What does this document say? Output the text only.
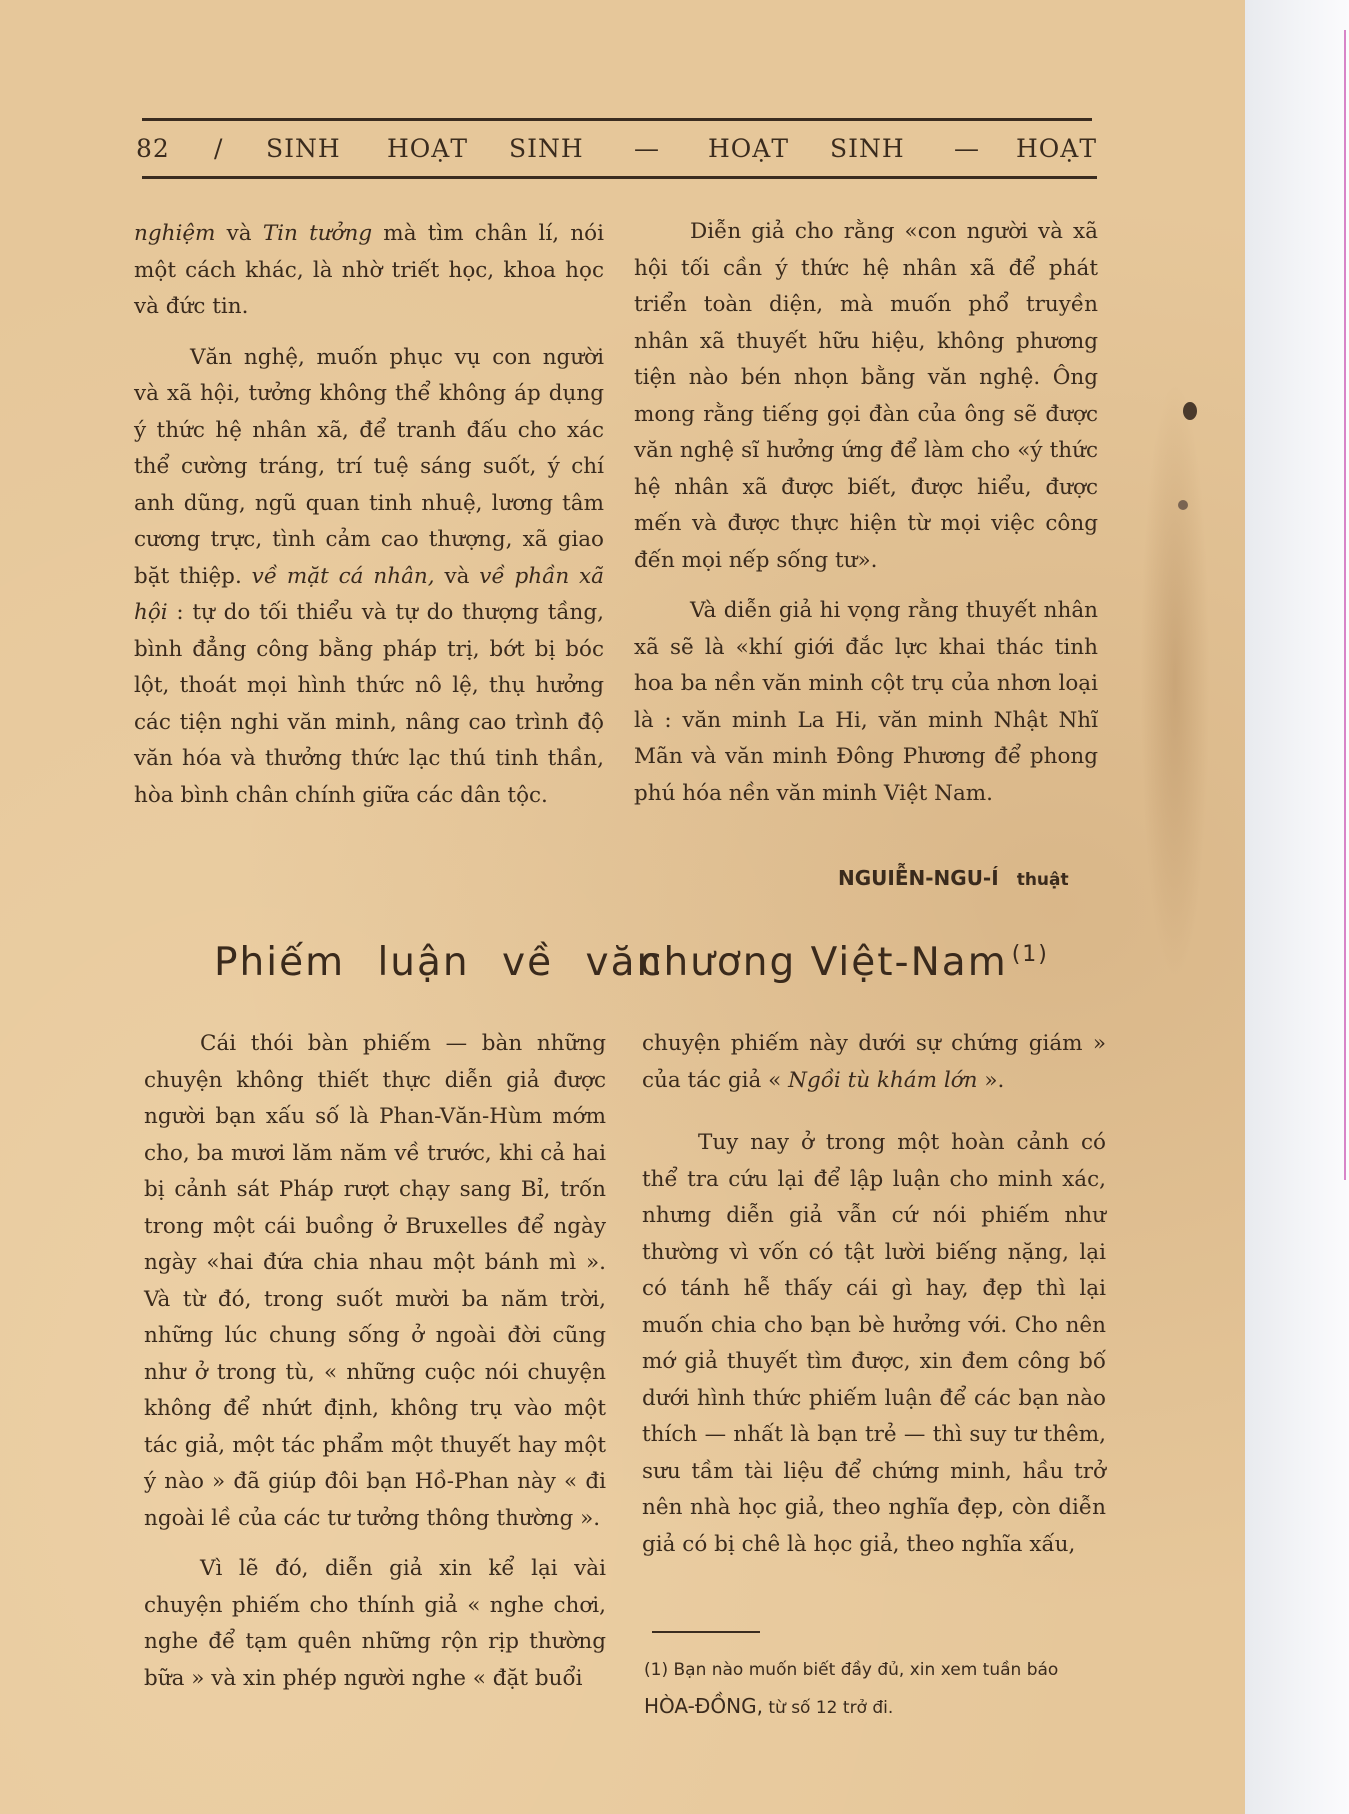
82 / SINH HOẠT SINH — HOẠT SINH — HOẠT

nghiệm và Tin tưởng mà tìm chân lí, nói một cách khác, là nhờ triết học, khoa học và đức tin.

Văn nghệ, muốn phục vụ con người và xã hội, tưởng không thể không áp dụng ý thức hệ nhân xã, để tranh đấu cho xác thể cường tráng, trí tuệ sáng suốt, ý chí anh dũng, ngũ quan tinh nhuệ, lương tâm cương trực, tình cảm cao thượng, xã giao bặt thiệp. về mặt cá nhân, và về phần xã hội : tự do tối thiểu và tự do thượng tầng, bình đẳng công bằng pháp trị, bớt bị bóc lột, thoát mọi hình thức nô lệ, thụ hưởng các tiện nghi văn minh, nâng cao trình độ văn hóa và thưởng thức lạc thú tinh thần, hòa bình chân chính giữa các dân tộc.

Diễn giả cho rằng «con người và xã hội tối cần ý thức hệ nhân xã để phát triển toàn diện, mà muốn phổ truyền nhân xã thuyết hữu hiệu, không phương tiện nào bén nhọn bằng văn nghệ. Ông mong rằng tiếng gọi đàn của ông sẽ được văn nghệ sĩ hưởng ứng để làm cho «ý thức hệ nhân xã được biết, được hiểu, được mến và được thực hiện từ mọi việc công đến mọi nếp sống tư».

Và diễn giả hi vọng rằng thuyết nhân xã sẽ là «khí giới đắc lực khai thác tinh hoa ba nền văn minh cột trụ của nhơn loại là : văn minh La Hi, văn minh Nhật Nhĩ Mãn và văn minh Đông Phương để phong phú hóa nền văn minh Việt Nam.

NGUIỄN-NGU-Í thuật
Phiếm luận về văn
chương Việt-Nam $^{(1)}$

Cái thói bàn phiếm — bàn những chuyện không thiết thực diễn giả được người bạn xấu số là Phan-Văn-Hùm mớm cho, ba mươi lăm năm về trước, khi cả hai bị cảnh sát Pháp rượt chạy sang Bỉ, trốn trong một cái buồng ở Bruxelles để ngày ngày «hai đứa chia nhau một bánh mì ». Và từ đó, trong suốt mười ba năm trời, những lúc chung sống ở ngoài đời cũng như ở trong tù, « những cuộc nói chuyện không để nhứt định, không trụ vào một tác giả, một tác phẩm một thuyết hay một ý nào » đã giúp đôi bạn Hồ-Phan này « đi ngoài lề của các tư tưởng thông thường ».

Vì lẽ đó, diễn giả xin kể lại vài chuyện phiếm cho thính giả « nghe chơi, nghe để tạm quên những rộn rịp thường bữa » và xin phép người nghe « đặt buổi

chuyện phiếm này dưới sự chứng giám » của tác giả « Ngồi tù khám lớn ».

Tuy nay ở trong một hoàn cảnh có thể tra cứu lại để lập luận cho minh xác, nhưng diễn giả vẫn cứ nói phiếm như thường vì vốn có tật lười biếng nặng, lại có tánh hễ thấy cái gì hay, đẹp thì lại muốn chia cho bạn bè hưởng với. Cho nên mớ giả thuyết tìm được, xin đem công bố dưới hình thức phiếm luận để các bạn nào thích — nhất là bạn trẻ — thì suy tư thêm, sưu tầm tài liệu để chứng minh, hầu trở nên nhà học giả, theo nghĩa đẹp, còn diễn giả có bị chê là học giả, theo nghĩa xấu,

(1) Bạn nào muốn biết đầy đủ, xin xem tuần báo HÒA-ĐỒNG, từ số 12 trở đi.
